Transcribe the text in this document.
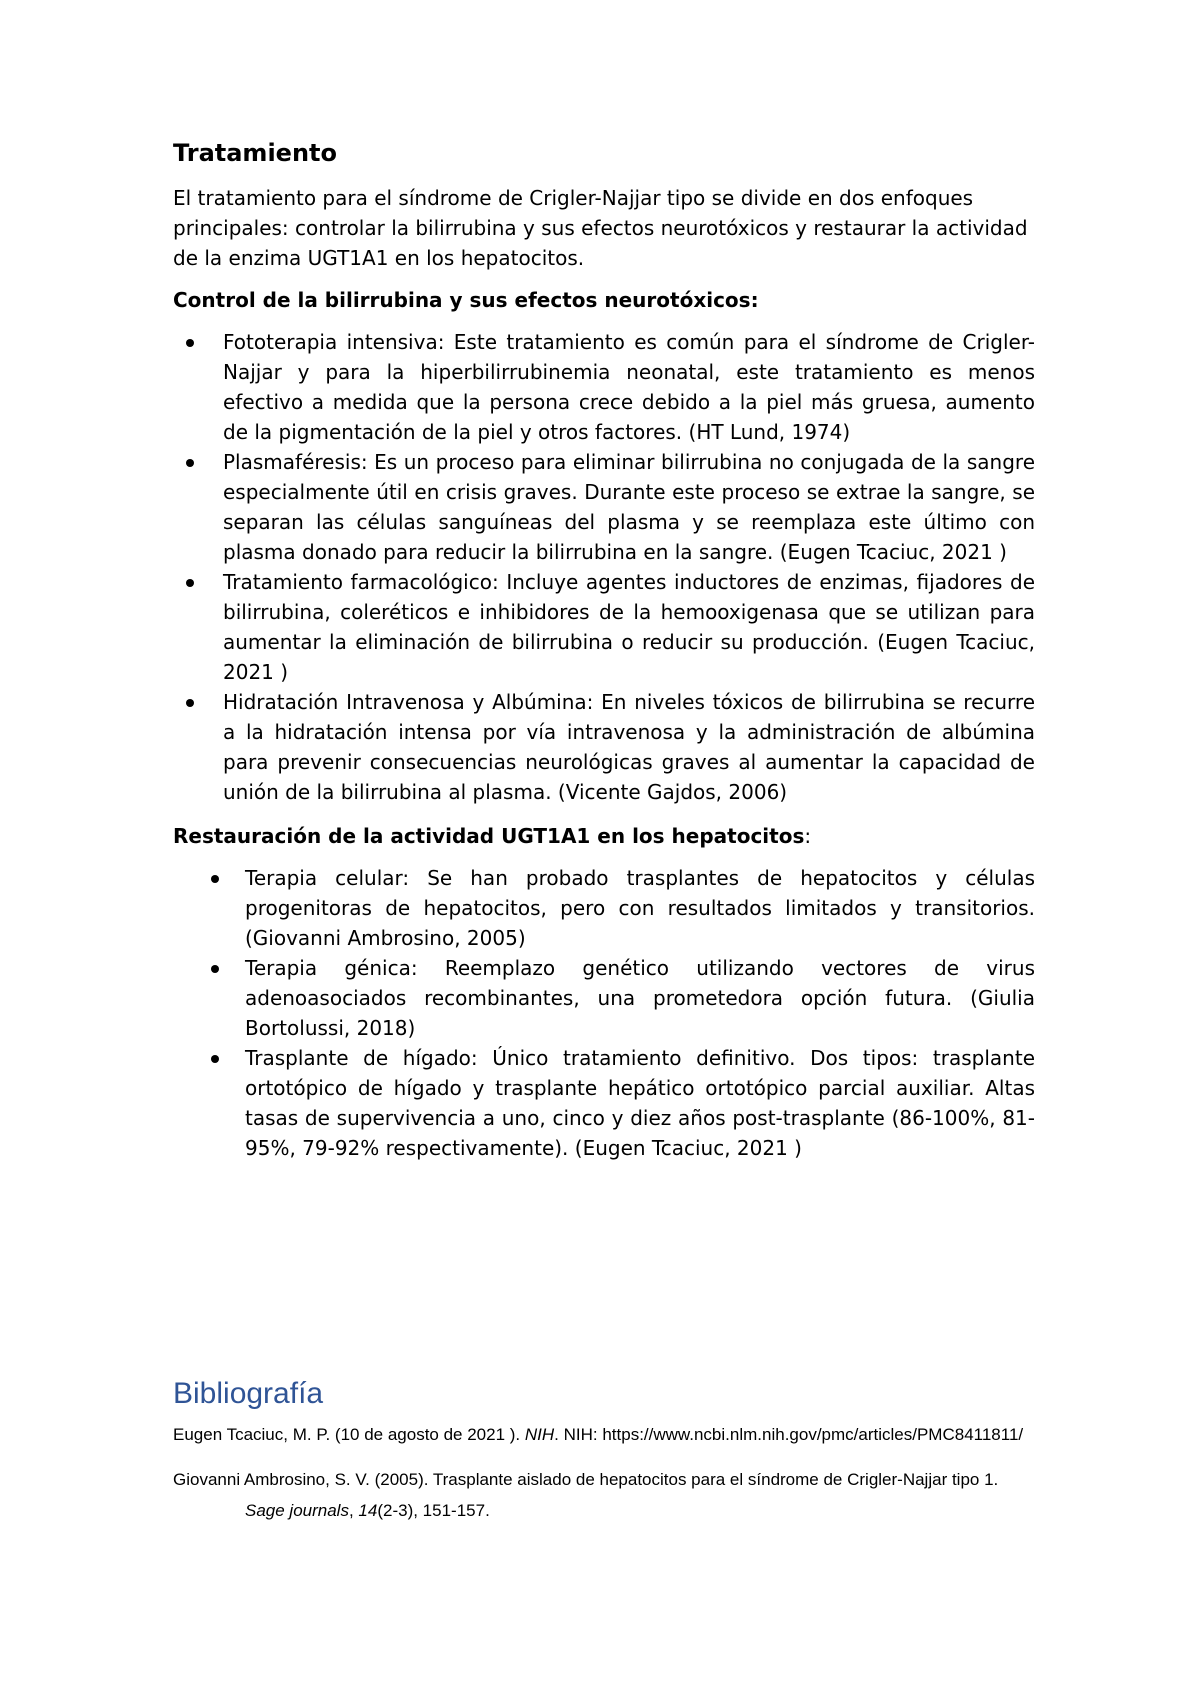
Tratamiento

El tratamiento para el síndrome de Crigler-Najjar tipo se divide en dos enfoques principales: controlar la bilirrubina y sus efectos neurotóxicos y restaurar la actividad de la enzima UGT1A1 en los hepatocitos.

Control de la bilirrubina y sus efectos neurotóxicos:
Fototerapia intensiva: Este tratamiento es común para el síndrome de Crigler-Najjar y para la hiperbilirrubinemia neonatal, este tratamiento es menos efectivo a medida que la persona crece debido a la piel más gruesa, aumento de la pigmentación de la piel y otros factores. (HT Lund, 1974)
Plasmaféresis: Es un proceso para eliminar bilirrubina no conjugada de la sangre especialmente útil en crisis graves. Durante este proceso se extrae la sangre, se separan las células sanguíneas del plasma y se reemplaza este último con plasma donado para reducir la bilirrubina en la sangre. (Eugen Tcaciuc, 2021 )
Tratamiento farmacológico: Incluye agentes inductores de enzimas, fijadores de bilirrubina, coleréticos e inhibidores de la hemooxigenasa que se utilizan para aumentar la eliminación de bilirrubina o reducir su producción. (Eugen Tcaciuc, 2021 )
Hidratación Intravenosa y Albúmina: En niveles tóxicos de bilirrubina se recurre a la hidratación intensa por vía intravenosa y la administración de albúmina para prevenir consecuencias neurológicas graves al aumentar la capacidad de unión de la bilirrubina al plasma. (Vicente Gajdos, 2006)
Restauración de la actividad UGT1A1 en los hepatocitos:
Terapia celular: Se han probado trasplantes de hepatocitos y células progenitoras de hepatocitos, pero con resultados limitados y transitorios. (Giovanni Ambrosino, 2005)
Terapia génica: Reemplazo genético utilizando vectores de virus adenoasociados recombinantes, una prometedora opción futura. (Giulia Bortolussi, 2018)
Trasplante de hígado: Único tratamiento definitivo. Dos tipos: trasplante ortotópico de hígado y trasplante hepático ortotópico parcial auxiliar. Altas tasas de supervivencia a uno, cinco y diez años post-trasplante (86-100%, 81-95%, 79-92% respectivamente). (Eugen Tcaciuc, 2021 )
Bibliografía

Eugen Tcaciuc, M. P. (10 de agosto de 2021 ). NIH. NIH: https://www.ncbi.nlm.nih.gov/pmc/articles/PMC8411811/

Giovanni Ambrosino, S. V. (2005). Trasplante aislado de hepatocitos para el síndrome de Crigler-Najjar tipo 1. Sage journals, 14(2-3), 151-157.
